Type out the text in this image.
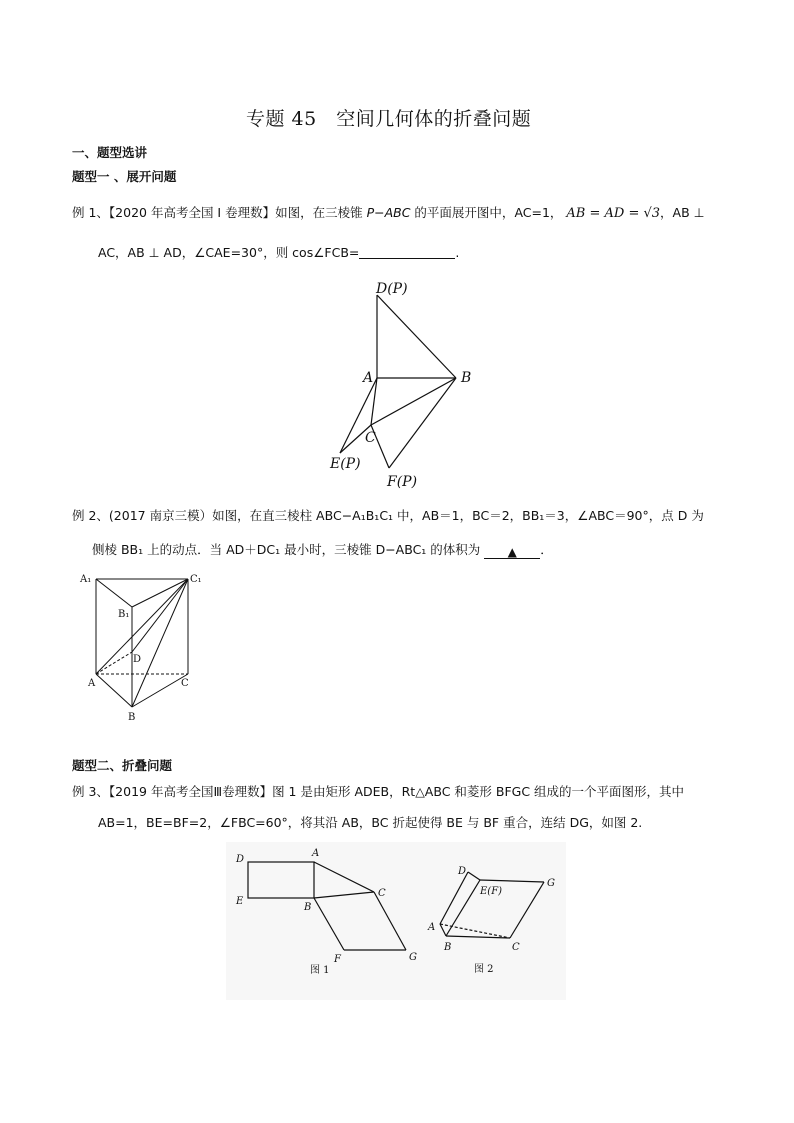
专题 45　空间几何体的折叠问题
一、题型选讲
题型一 、展开问题
例 1、【2020 年高考全国 I 卷理数】如图，在三棱锥 P−ABC 的平面展开图中，AC=1， AB = AD = √3，AB ⊥
AC，AB ⊥ AD，∠CAE=30°，则 cos∠FCB=	.
D(P)
A	B
C
E(P)
F(P)
例 2、(2017 南京三模）如图，在直三棱柱 ABC−A₁B₁C₁ 中，AB＝1，BC＝2，BB₁＝3，∠ABC＝90°，点 D 为
侧棱 BB₁ 上的动点．当 AD＋DC₁ 最小时，三棱锥 D−ABC₁ 的体积为 ▲ ．
A₁	C₁
B₁
D
A	C
B
题型二、折叠问题
例 3、【2019 年高考全国Ⅲ卷理数】图 1 是由矩形 ADEB，Rt△ABC 和菱形 BFGC 组成的一个平面图形，其中
AB=1，BE=BF=2，∠FBC=60°，将其沿 AB，BC 折起使得 BE 与 BF 重合，连结 DG，如图 2.
D
A
E
B
C
F	G
图 1
D
E(F)
G
A
B	C
图 2
